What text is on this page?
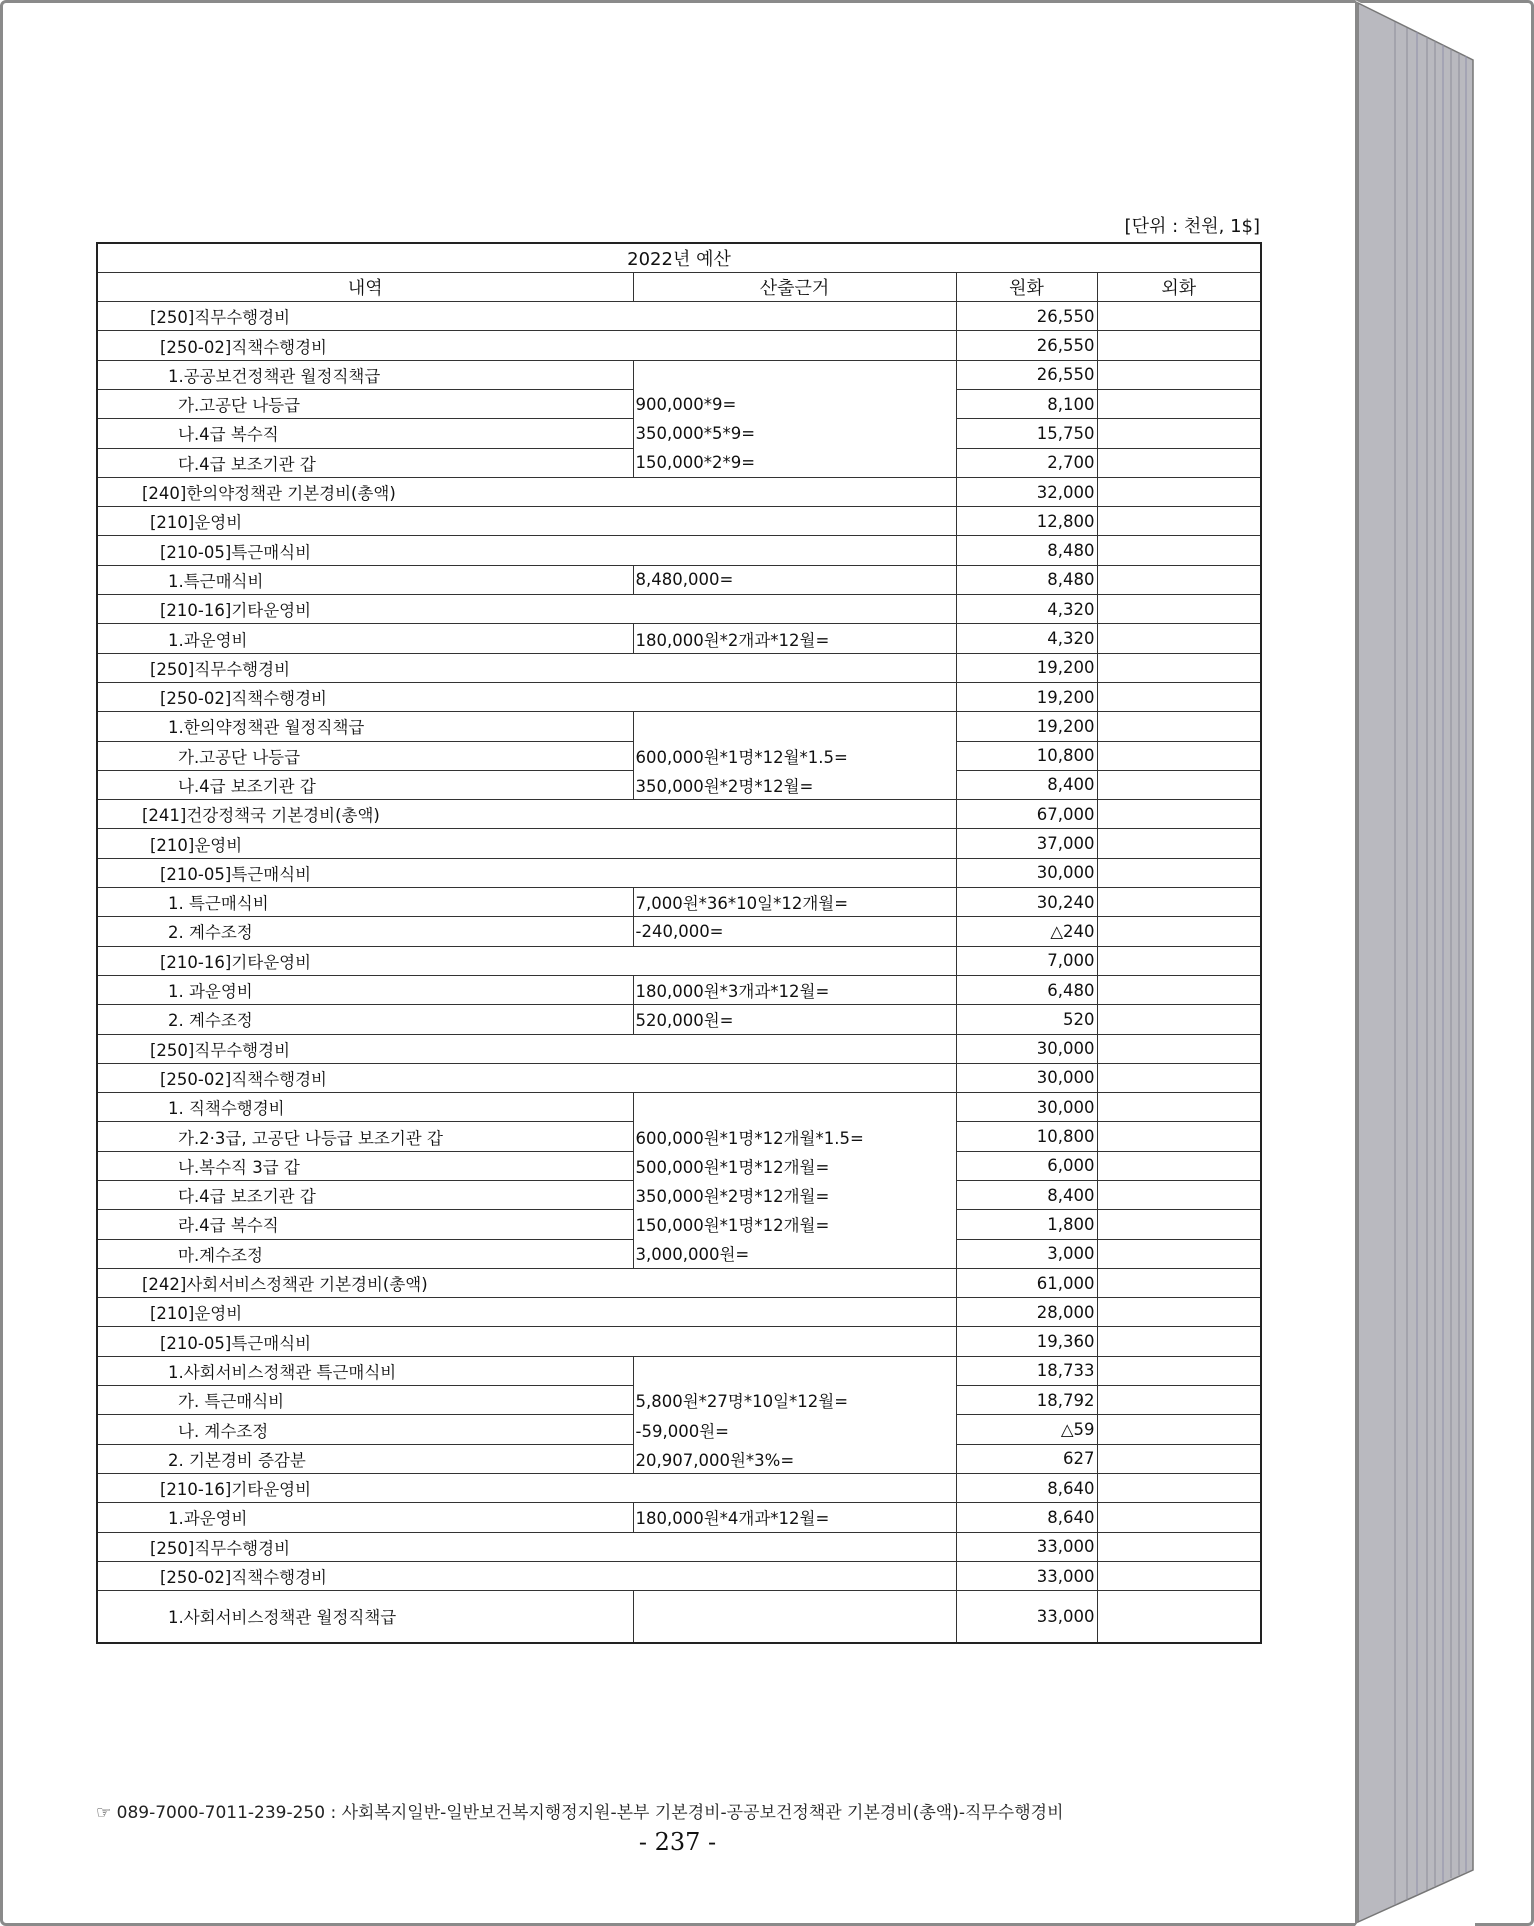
[단위 : 천원, 1$]
2022년 예산			
내역	산출근거	원화	외화
[250]직무수행경비		26,550	
[250-02]직책수행경비		26,550	
1.공공보건정책관 월정직책급		26,550	
가.고공단 나등급	900,000*9=	8,100	
나.4급 복수직	350,000*5*9=	15,750	
다.4급 보조기관 갑	150,000*2*9=	2,700	
[240]한의약정책관 기본경비(총액)		32,000	
[210]운영비		12,800	
[210-05]특근매식비		8,480	
1.특근매식비	8,480,000=	8,480	
[210-16]기타운영비		4,320	
1.과운영비	180,000원*2개과*12월=	4,320	
[250]직무수행경비		19,200	
[250-02]직책수행경비		19,200	
1.한의약정책관 월정직책급		19,200	
가.고공단 나등급	600,000원*1명*12월*1.5=	10,800	
나.4급 보조기관 갑	350,000원*2명*12월=	8,400	
[241]건강정책국 기본경비(총액)		67,000	
[210]운영비		37,000	
[210-05]특근매식비		30,000	
1. 특근매식비	7,000원*36*10일*12개월=	30,240	
2. 계수조정	-240,000=	△240	
[210-16]기타운영비		7,000	
1. 과운영비	180,000원*3개과*12월=	6,480	
2. 계수조정	520,000원=	520	
[250]직무수행경비		30,000	
[250-02]직책수행경비		30,000	
1. 직책수행경비		30,000	
가.2·3급, 고공단 나등급 보조기관 갑	600,000원*1명*12개월*1.5=	10,800	
나.복수직 3급 갑	500,000원*1명*12개월=	6,000	
다.4급 보조기관 갑	350,000원*2명*12개월=	8,400	
라.4급 복수직	150,000원*1명*12개월=	1,800	
마.계수조정	3,000,000원=	3,000	
[242]사회서비스정책관 기본경비(총액)		61,000	
[210]운영비		28,000	
[210-05]특근매식비		19,360	
1.사회서비스정책관 특근매식비		18,733	
가. 특근매식비	5,800원*27명*10일*12월=	18,792	
나. 계수조정	-59,000원=	△59	
2. 기본경비 증감분	20,907,000원*3%=	627	
[210-16]기타운영비		8,640	
1.과운영비	180,000원*4개과*12월=	8,640	
[250]직무수행경비		33,000	
[250-02]직책수행경비		33,000	
1.사회서비스정책관 월정직책급		33,000	
☞ 089-7000-7011-239-250 : 사회복지일반-일반보건복지행정지원-본부 기본경비-공공보건정책관 기본경비(총액)-직무수행경비
- 237 -
